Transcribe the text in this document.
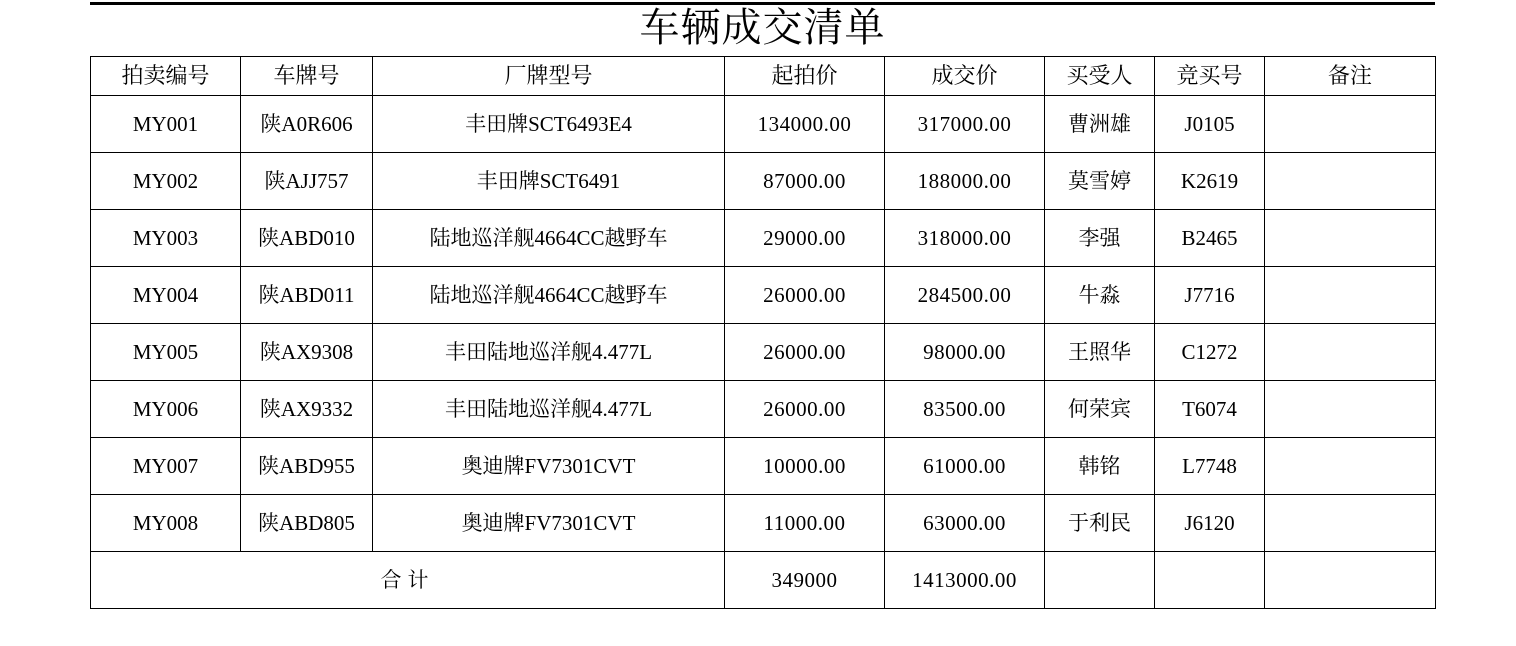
车辆成交清单
拍卖编号	车牌号	厂牌型号	起拍价	成交价	买受人	竞买号	备注
MY001	陕A0R606	丰田牌SCT6493E4	134000.00	317000.00	曹洲雄	J0105	
MY002	陕AJJ757	丰田牌SCT6491	87000.00	188000.00	莫雪婷	K2619	
MY003	陕ABD010	陆地巡洋舰4664CC越野车	29000.00	318000.00	李强	B2465	
MY004	陕ABD011	陆地巡洋舰4664CC越野车	26000.00	284500.00	牛淼	J7716	
MY005	陕AX9308	丰田陆地巡洋舰4.477L	26000.00	98000.00	王照华	C1272	
MY006	陕AX9332	丰田陆地巡洋舰4.477L	26000.00	83500.00	何荣宾	T6074	
MY007	陕ABD955	奥迪牌FV7301CVT	10000.00	61000.00	韩铭	L7748	
MY008	陕ABD805	奥迪牌FV7301CVT	11000.00	63000.00	于利民	J6120	
合计			349000	1413000.00			
